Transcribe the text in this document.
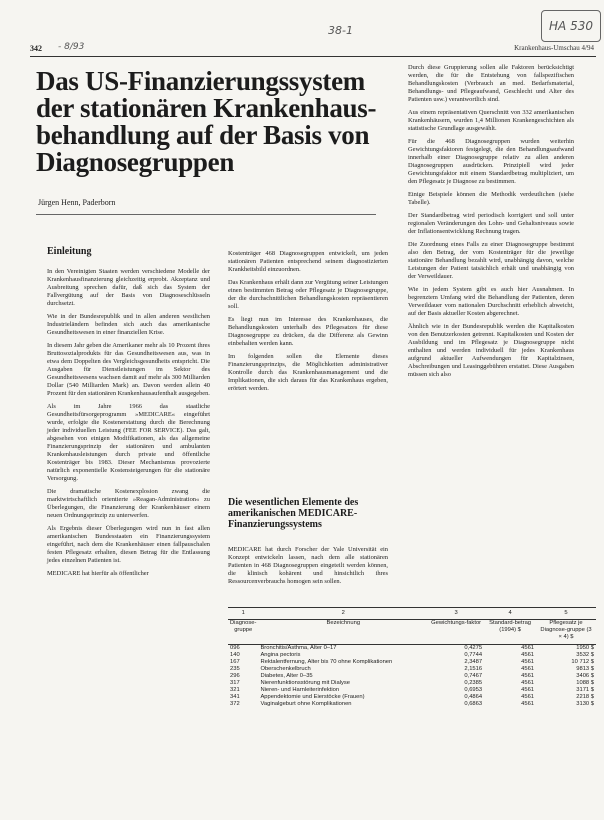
342	Krankenhaus-Umschau 4/94
38-1	HA 530
- 8/93
Das US-Finanzierungssystem der stationären Krankenhaus-behandlung auf der Basis von Diagnosegruppen
Jürgen Henn, Paderborn
Einleitung

In den Vereinigten Staaten werden verschiedene Modelle der Krankenhausfinanzierung gleichzeitig erprobt. Akzeptanz und Ausbreitung sprechen dafür, daß sich das System der Fallvergütung auf der Basis von Diagnoseschlüsseln durchsetzt.

Wie in der Bundesrepublik und in allen anderen westlichen Industrieländern befinden sich auch das amerikanische Gesundheitswesen in einer finanziellen Krise.

In diesem Jahr geben die Amerikaner mehr als 10 Prozent ihres Bruttosozialprodukts für das Gesundheitswesen aus, was in etwa dem Doppelten des Vergleichsgesundheits entspricht. Die Ausgaben für Dienstleistungen im Sektor des Gesundheitswesens wachsen damit auf mehr als 300 Milliarden Dollar (540 Milliarden Mark) an. Davon werden allein 40 Prozent für den stationären Krankenhausaufenthalt ausgegeben.

Als im Jahre 1966 das staatliche Gesundheitsfürsorgeprogramm »MEDICARE« eingeführt wurde, erfolgte die Kostenerstattung durch die Berechnung jeder individuellen Leistung (FEE FOR SERVICE). Das galt, abgesehen von einigen Modifikationen, als das allgemeine Finanzierungsprinzip der stationären und ambulanten Krankenhausleistungen durch private und öffentliche Kostenträger bis 1983. Dieser Mechanismus provozierte natürlich exponentielle Kostensteigerungen für die stationäre Versorgung.

Die dramatische Kostenexplosion zwang die marktwirtschaftlich orientierte »Reagan-Administration« zu Überlegungen, die Finanzierung der Krankenhäuser einem neuen Ordnungsprinzip zu unterwerfen.

Als Ergebnis dieser Überlegungen wird nun in fast allen amerikanischen Bundesstaaten ein Finanzierungssystem eingeführt, nach dem die Krankenhäuser einen fallpauschalen festen Pflegesatz erhalten, diesen Betrag für die Entlassung jedes einzelnen Patienten ist.

MEDICARE hat hierfür als öffentlicher

Kostenträger 468 Diagnosegruppen entwickelt, um jeden stationären Patienten entsprechend seinem diagnostizierten Krankheitsbild einzuordnen.

Das Krankenhaus erhält dann zur Vergütung seiner Leistungen einen bestimmten Betrag oder Pflegesatz je Diagnosegruppe, der die durchschnittlichen Behandlungskosten repräsentieren soll.

Es liegt nun im Interesse des Krankenhauses, die Behandlungskosten unterhalb des Pflegesatzes für diese Diagnosegruppe zu drücken, da die Differenz als Gewinn einbehalten werden kann.

Im folgenden sollen die Elemente dieses Finanzierungsprinzips, die Möglichkeiten administrativer Kontrolle durch das Krankenhausmanagement und die Implikationen, die sich daraus für das Krankenhaus ergeben, erörtert werden.

Die wesentlichen Elemente des amerikanischen MEDICARE-Finanzierungssystems

MEDICARE hat durch Forscher der Yale Universität ein Konzept entwickeln lassen, nach dem alle stationären Patienten in 468 Diagnosegruppen eingeteilt werden können, die klinisch kohärent und hinsichtlich ihres Ressourcenverbrauchs homogen sein sollen.

Durch diese Gruppierung sollen alle Faktoren berücksichtigt werden, die für die Entstehung von fallspezifischen Behandlungskosten (Verbrauch an med. Bedarfsmaterial, Behandlungs- und Pflegeaufwand, Geschlecht und Alter des Patienten usw.) verantwortlich sind.

Aus einem repräsentativen Querschnitt von 332 amerikanischen Krankenhäusern, wurden 1,4 Millionen Krankengeschichten als statistische Grundlage ausgewählt.

Für die 468 Diagnosegruppen wurden weiterhin Gewichtungsfaktoren festgelegt, die den Behandlungsaufwand innerhalb einer Diagnosegruppe relativ zu allen anderen Diagnosegruppen ausdrücken. Prinzipiell wird jeder Gewichtungsfaktor mit einem Standardbetrag multipliziert, um den Pflegesatz je Diagnose zu bestimmen.

Einige Beispiele können die Methodik verdeutlichen (siehe Tabelle).

Der Standardbetrag wird periodisch korrigiert und soll unter regionalen Veränderungen des Lohn- und Gehaltsniveaus sowie der Inflationsentwicklung Rechnung tragen.

Die Zuordnung eines Falls zu einer Diagnosegruppe bestimmt also den Betrag, der vom Kostenträger für die jeweilige stationäre Behandlung bezahlt wird, unabhängig davon, welche Leistungen der Patient tatsächlich erhält und unabhängig von der Verweildauer.

Wie in jedem System gibt es auch hier Ausnahmen. In begrenztem Umfang wird die Behandlung der Patienten, deren Verweildauer vom nationalen Durchschnitt erheblich abweicht, auf der Basis aktueller Kosten abgerechnet.

Ähnlich wie in der Bundesrepublik werden die Kapitalkosten von den Benutzerkosten getrennt. Kapitalkosten und Kosten der Ausbildung und im Pflegesatz je Diagnosegruppe nicht enthalten und werden individuell für jedes Krankenhaus aufgrund aktueller Aufwendungen für Kapitalzinsen, Abschreibungen und Leasinggebühren erstattet. Diese Ausgaben müssen sich also

1	2	3	4	5
Diagnose-gruppe	Bezeichnung	Gewichtungs-faktor	Standard-betrag (1994) $	Pflegesatz je Diagnose-gruppe (3 × 4) $
096	Bronchitis/Asthma, Alter 0–17	0,4275	4561	1950 $
140	Angina pectoris	0,7744	4561	3532 $
167	Rektalentfernung, Alter bis 70 ohne Komplikationen	2,3487	4561	10 712 $
235	Oberschenkelbruch	2,1516	4561	9813 $
296	Diabetes, Alter 0–35	0,7467	4561	3406 $
317	Nierenfunktionsstörung mit Dialyse	0,2385	4561	1088 $
321	Nieren- und Harnleiterinfektion	0,6953	4561	3171 $
341	Appendektomie und Eierstöcke (Frauen)	0,4864	4561	2218 $
372	Vaginalgeburt ohne Komplikationen	0,6863	4561	3130 $
